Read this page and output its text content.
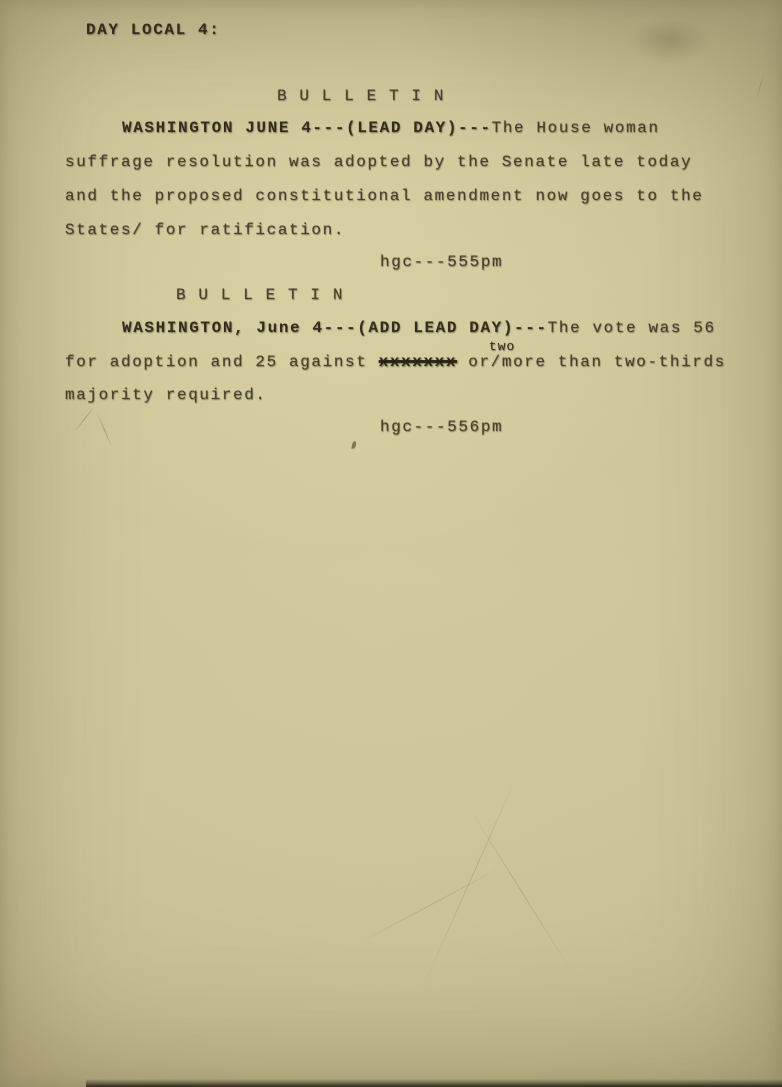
DAY LOCAL 4:
B U L L E T I N
WASHINGTON JUNE 4---(LEAD DAY)---The House woman
suffrage resolution was adopted by the Senate late today
and the proposed constitutional amendment now goes to the
States/ for ratification.
hgc---555pm
B U L L E T I N
WASHINGTON, June 4---(ADD LEAD DAY)---The vote was 56
for adoption and 25 against xxxxxxx or/
two
more than two-thirds
majority required.
hgc---556pm
